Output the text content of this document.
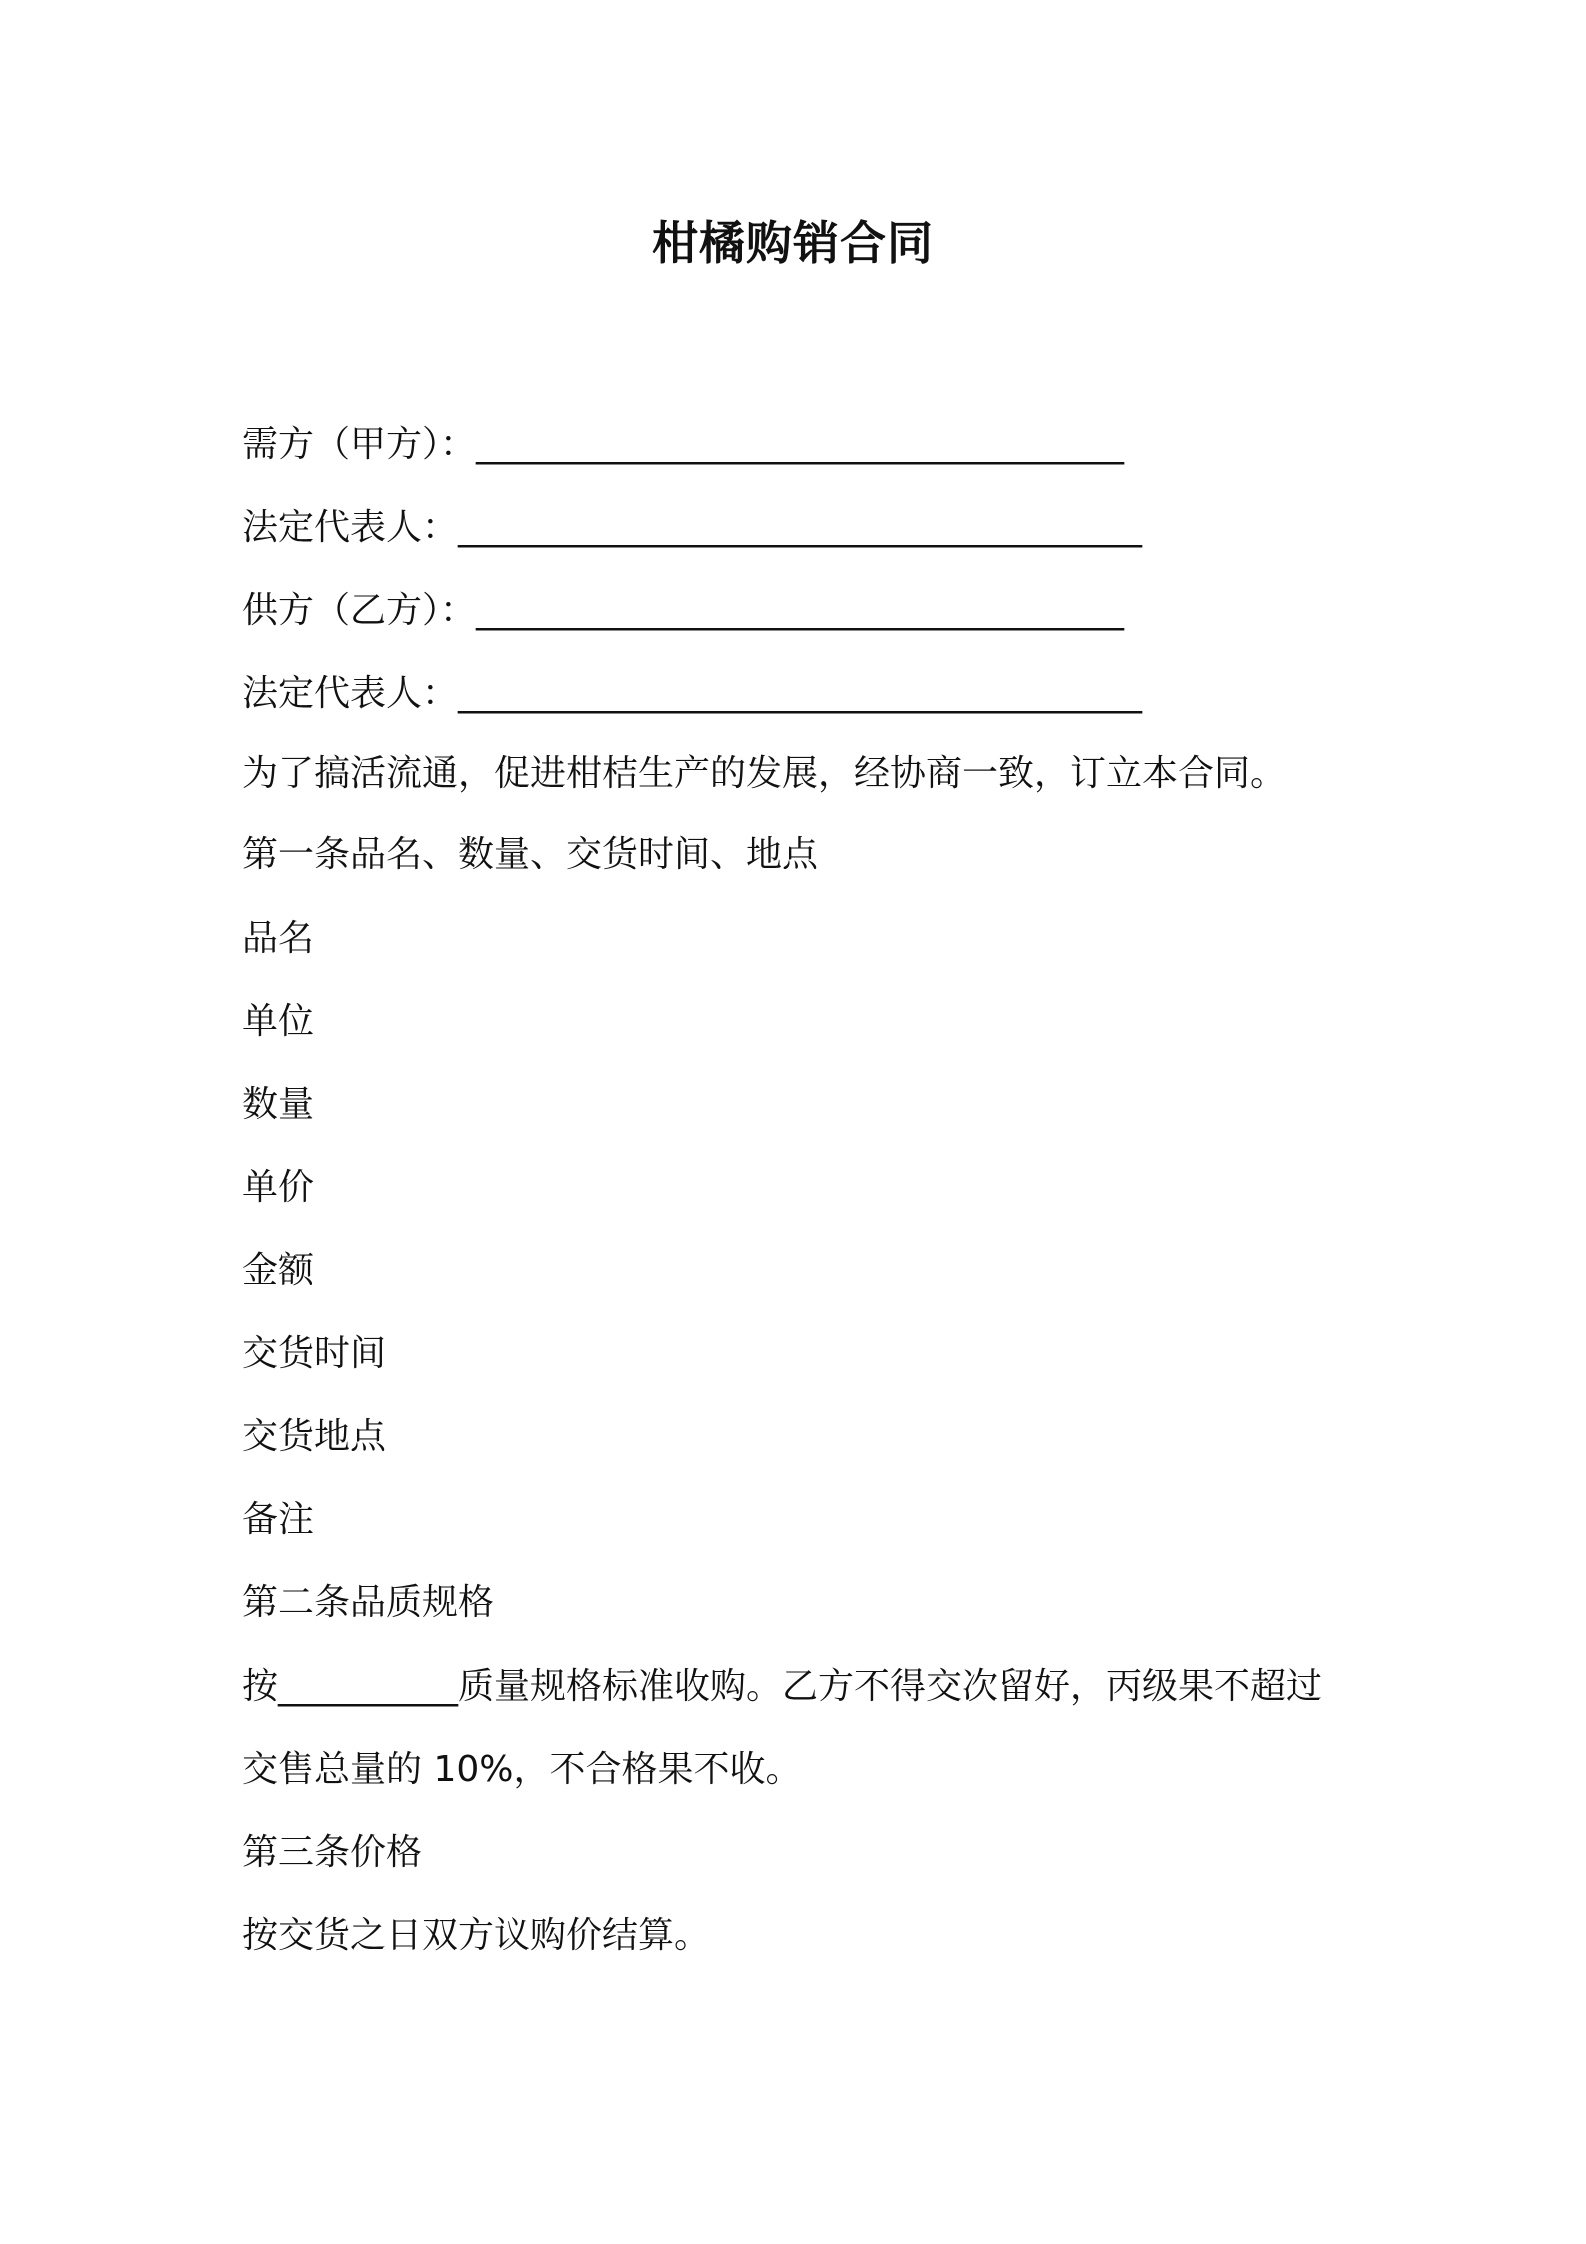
柑橘购销合同
需方（甲方）：____________________________________
法定代表人：______________________________________
供方（乙方）：____________________________________
法定代表人：______________________________________
为了搞活流通，促进柑桔生产的发展，经协商一致，订立本合同。
第一条品名、数量、交货时间、地点
品名
单位
数量
单价
金额
交货时间
交货地点
备注
第二条品质规格
按__________质量规格标准收购。乙方不得交次留好，丙级果不超过
交售总量的 10%，不合格果不收。
第三条价格
按交货之日双方议购价结算。
